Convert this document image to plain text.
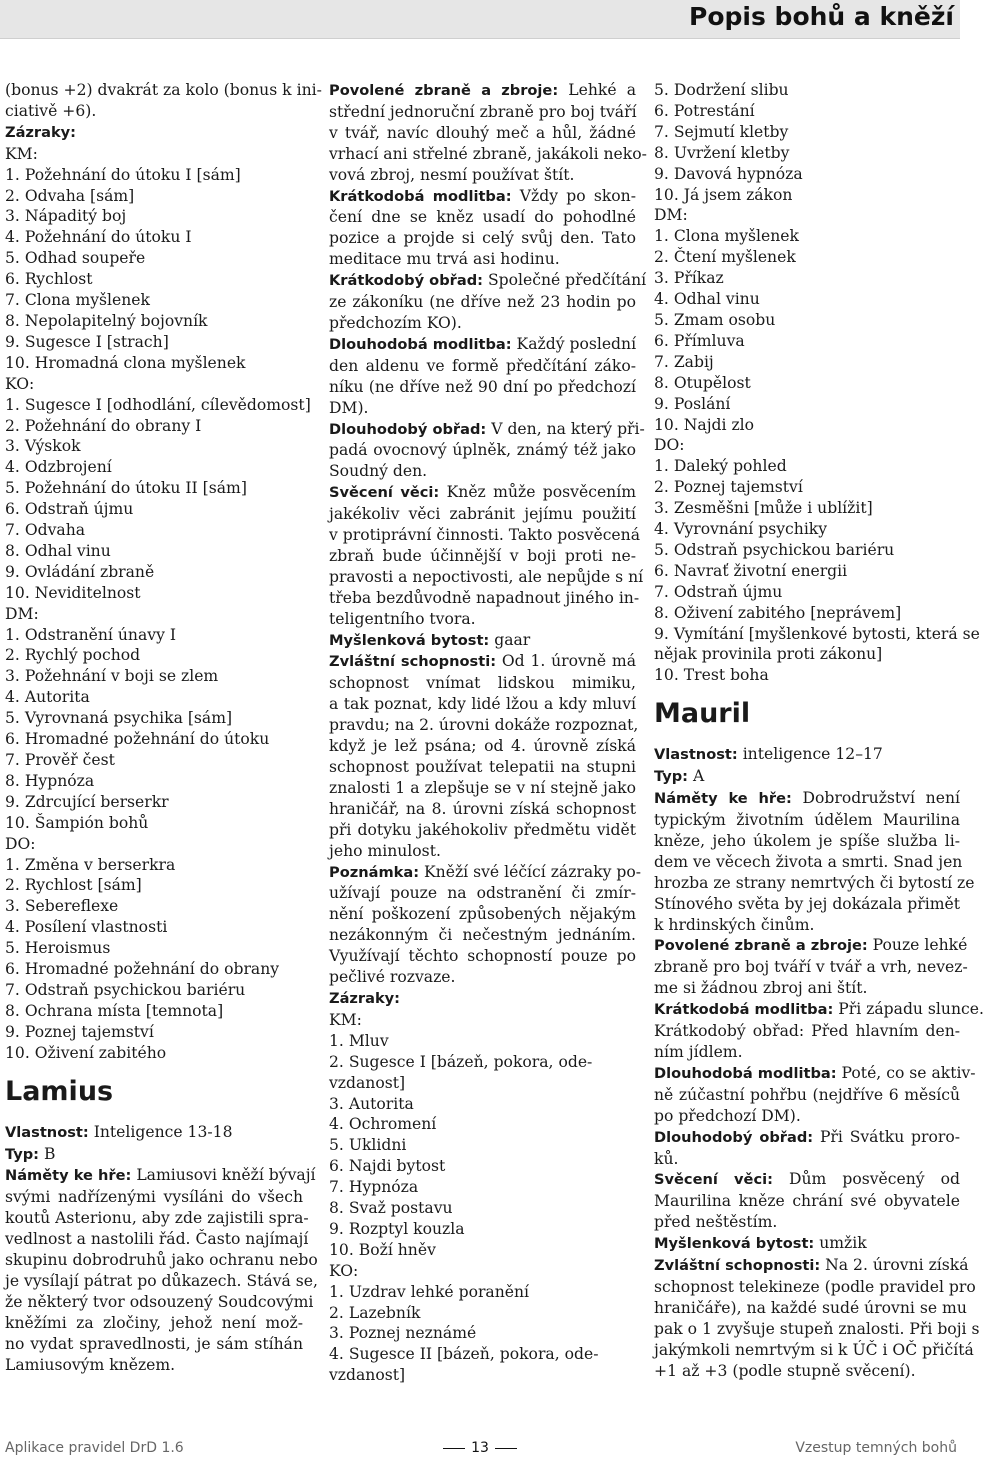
Popis bohů a kněží
(bonus +2) dvakrát za kolo (bonus k ini-
ciativě +6).
Zázraky:
KM:
1. Požehnání do útoku I [sám]
2. Odvaha [sám]
3. Nápaditý boj
4. Požehnání do útoku I
5. Odhad soupeře
6. Rychlost
7. Clona myšlenek
8. Nepolapitelný bojovník
9. Sugesce I [strach]
10. Hromadná clona myšlenek
KO:
1. Sugesce I [odhodlání, cílevědomost]
2. Požehnání do obrany I
3. Výskok
4. Odzbrojení
5. Požehnání do útoku II [sám]
6. Odstraň újmu
7. Odvaha
8. Odhal vinu
9. Ovládání zbraně
10. Neviditelnost
DM:
1. Odstranění únavy I
2. Rychlý pochod
3. Požehnání v boji se zlem
4. Autorita
5. Vyrovnaná psychika [sám]
6. Hromadné požehnání do útoku
7. Prověř čest
8. Hypnóza
9. Zdrcující berserkr
10. Šampión bohů
DO:
1. Změna v berserkra
2. Rychlost [sám]
3. Sebereflexe
4. Posílení vlastnosti
5. Heroismus
6. Hromadné požehnání do obrany
7. Odstraň psychickou bariéru
8. Ochrana místa [temnota]
9. Poznej tajemství
10. Oživení zabitého
Lamius
Vlastnost: Inteligence 13-18
Typ: B
Náměty ke hře: Lamiusovi kněží bývají
svými nadřízenými vysíláni do všech
koutů Asterionu, aby zde zajistili spra-
vedlnost a nastolili řád. Často najímají
skupinu dobrodruhů jako ochranu nebo
je vysílají pátrat po důkazech. Stává se,
že některý tvor odsouzený Soudcovými
kněžími za zločiny, jehož není mož-
no vydat spravedlnosti, je sám stíhán
Lamiusovým knězem.
Povolené zbraně a zbroje: Lehké a
střední jednoruční zbraně pro boj tváří
v tvář, navíc dlouhý meč a hůl, žádné
vrhací ani střelné zbraně, jakákoli neko-
vová zbroj, nesmí používat štít.
Krátkodobá modlitba: Vždy po skon-
čení dne se kněz usadí do pohodlné
pozice a projde si celý svůj den. Tato
meditace mu trvá asi hodinu.
Krátkodobý obřad: Společné předčítání
ze zákoníku (ne dříve než 23 hodin po
předchozím KO).
Dlouhodobá modlitba: Každý poslední
den aldenu ve formě předčítání záko-
níku (ne dříve než 90 dní po předchozí
DM).
Dlouhodobý obřad: V den, na který při-
padá ovocnový úplněk, známý též jako
Soudný den.
Svěcení věci: Kněz může posvěcením
jakékoliv věci zabránit jejímu použití
v protiprávní činnosti. Takto posvěcená
zbraň bude účinnější v boji proti ne-
pravosti a nepoctivosti, ale nepůjde s ní
třeba bezdůvodně napadnout jiného in-
teligentního tvora.
Myšlenková bytost: gaar
Zvláštní schopnosti: Od 1. úrovně má
schopnost vnímat lidskou mimiku,
a tak poznat, kdy lidé lžou a kdy mluví
pravdu; na 2. úrovni dokáže rozpoznat,
když je lež psána; od 4. úrovně získá
schopnost používat telepatii na stupni
znalosti 1 a zlepšuje se v ní stejně jako
hraničář, na 8. úrovni získá schopnost
při dotyku jakéhokoliv předmětu vidět
jeho minulost.
Poznámka: Kněží své léčící zázraky po-
užívají pouze na odstranění či zmír-
nění poškození způsobených nějakým
nezákonným či nečestným jednáním.
Využívají těchto schopností pouze po
pečlivé rozvaze.
Zázraky:
KM:
1. Mluv
2. Sugesce I [bázeň, pokora, ode-
vzdanost]
3. Autorita
4. Ochromení
5. Uklidni
6. Najdi bytost
7. Hypnóza
8. Svaž postavu
9. Rozptyl kouzla
10. Boží hněv
KO:
1. Uzdrav lehké poranění
2. Lazebník
3. Poznej neznámé
4. Sugesce II [bázeň, pokora, ode-
vzdanost]
5. Dodržení slibu
6. Potrestání
7. Sejmutí kletby
8. Uvržení kletby
9. Davová hypnóza
10. Já jsem zákon
DM:
1. Clona myšlenek
2. Čtení myšlenek
3. Příkaz
4. Odhal vinu
5. Zmam osobu
6. Přímluva
7. Zabij
8. Otupělost
9. Poslání
10. Najdi zlo
DO:
1. Daleký pohled
2. Poznej tajemství
3. Zesměšni [může i ublížit]
4. Vyrovnání psychiky
5. Odstraň psychickou bariéru
6. Navrať životní energii
7. Odstraň újmu
8. Oživení zabitého [neprávem]
9. Vymítání [myšlenkové bytosti, která se
nějak provinila proti zákonu]
10. Trest boha
Mauril
Vlastnost: inteligence 12–17
Typ: A
Náměty ke hře: Dobrodružství není
typickým životním údělem Maurilina
kněze, jeho úkolem je spíše služba li-
dem ve věcech života a smrti. Snad jen
hrozba ze strany nemrtvých či bytostí ze
Stínového světa by jej dokázala přimět
k hrdinských činům.
Povolené zbraně a zbroje: Pouze lehké
zbraně pro boj tváří v tvář a vrh, nevez-
me si žádnou zbroj ani štít.
Krátkodobá modlitba: Při západu slunce.
Krátkodobý obřad: Před hlavním den-
ním jídlem.
Dlouhodobá modlitba: Poté, co se aktiv-
ně zúčastní pohřbu (nejdříve 6 měsíců
po předchozí DM).
Dlouhodobý obřad: Při Svátku proro-
ků.
Svěcení věci: Dům posvěcený od
Maurilina kněze chrání své obyvatele
před neštěstím.
Myšlenková bytost: umžik
Zvláštní schopnosti: Na 2. úrovni získá
schopnost telekineze (podle pravidel pro
hraničáře), na každé sudé úrovni se mu
pak o 1 zvyšuje stupeň znalosti. Při boji s
jakýmkoli nemrtvým si k ÚČ i OČ přičítá
+1 až +3 (podle stupně svěcení).
Aplikace pravidel DrD 1.6	13	Vzestup temných bohů
